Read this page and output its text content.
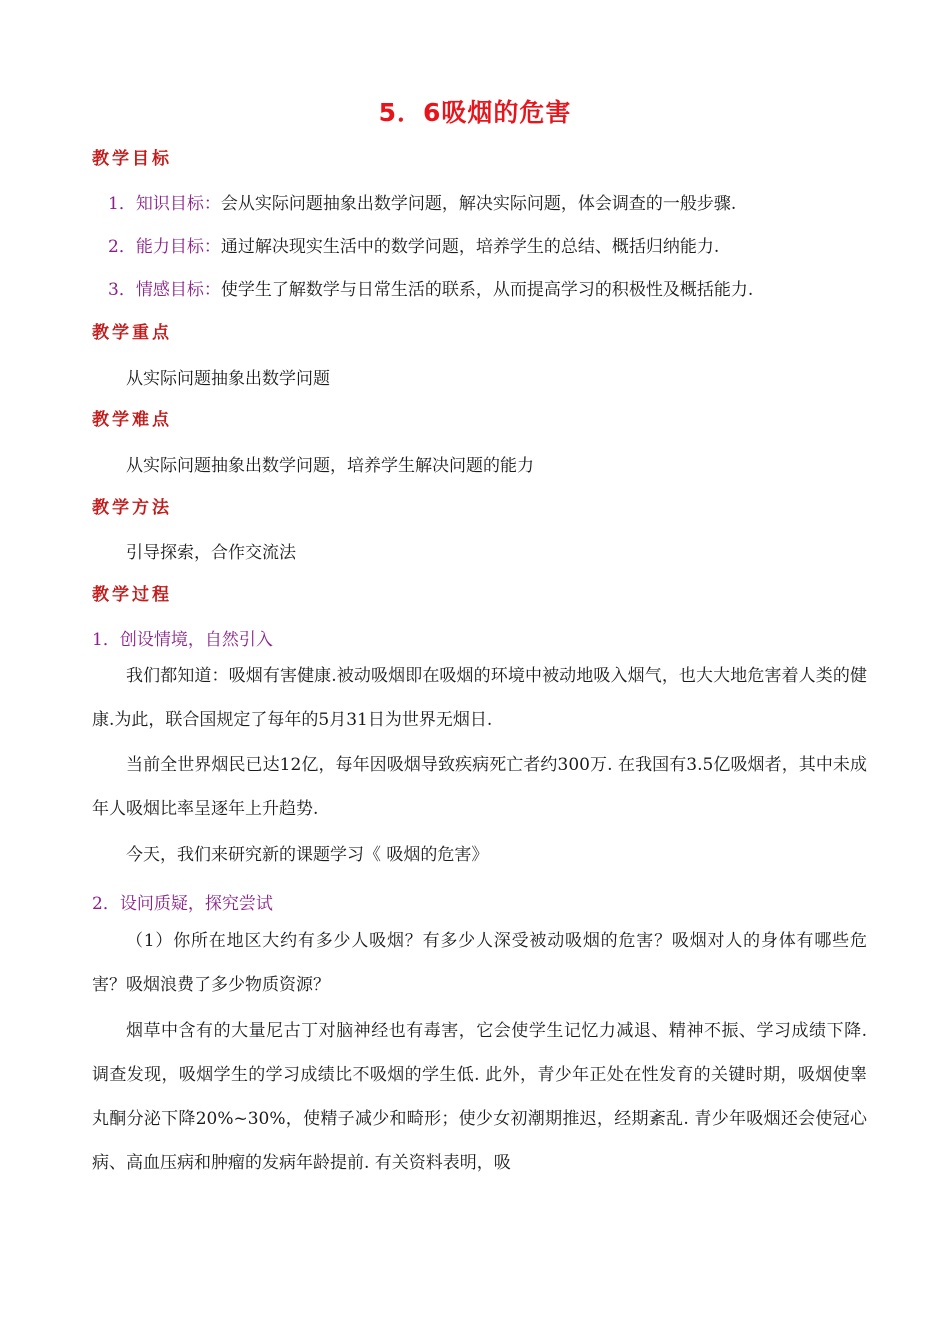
5．6吸烟的危害
教学目标
1．知识目标：会从实际问题抽象出数学问题，解决实际问题，体会调查的一般步骤.
2．能力目标：通过解决现实生活中的数学问题，培养学生的总结、概括归纳能力.
3．情感目标：使学生了解数学与日常生活的联系，从而提高学习的积极性及概括能力.
教学重点
从实际问题抽象出数学问题
教学难点
从实际问题抽象出数学问题，培养学生解决问题的能力
教学方法
引导探索，合作交流法
教学过程
1．创设情境，自然引入
我们都知道：吸烟有害健康.被动吸烟即在吸烟的环境中被动地吸入烟气，也大大地危害着人类的健康.为此，联合国规定了每年的5月31日为世界无烟日.
当前全世界烟民已达12亿，每年因吸烟导致疾病死亡者约300万. 在我国有3.5亿吸烟者，其中未成年人吸烟比率呈逐年上升趋势.
今天，我们来研究新的课题学习《 吸烟的危害》
2．设问质疑，探究尝试
（1）你所在地区大约有多少人吸烟？有多少人深受被动吸烟的危害？吸烟对人的身体有哪些危害？吸烟浪费了多少物质资源？
烟草中含有的大量尼古丁对脑神经也有毒害，它会使学生记忆力减退、精神不振、学习成绩下降. 调查发现，吸烟学生的学习成绩比不吸烟的学生低. 此外，青少年正处在性发育的关键时期，吸烟使睾丸酮分泌下降20%~30%，使精子减少和畸形；使少女初潮期推迟，经期紊乱. 青少年吸烟还会使冠心病、高血压病和肿瘤的发病年龄提前. 有关资料表明，吸
